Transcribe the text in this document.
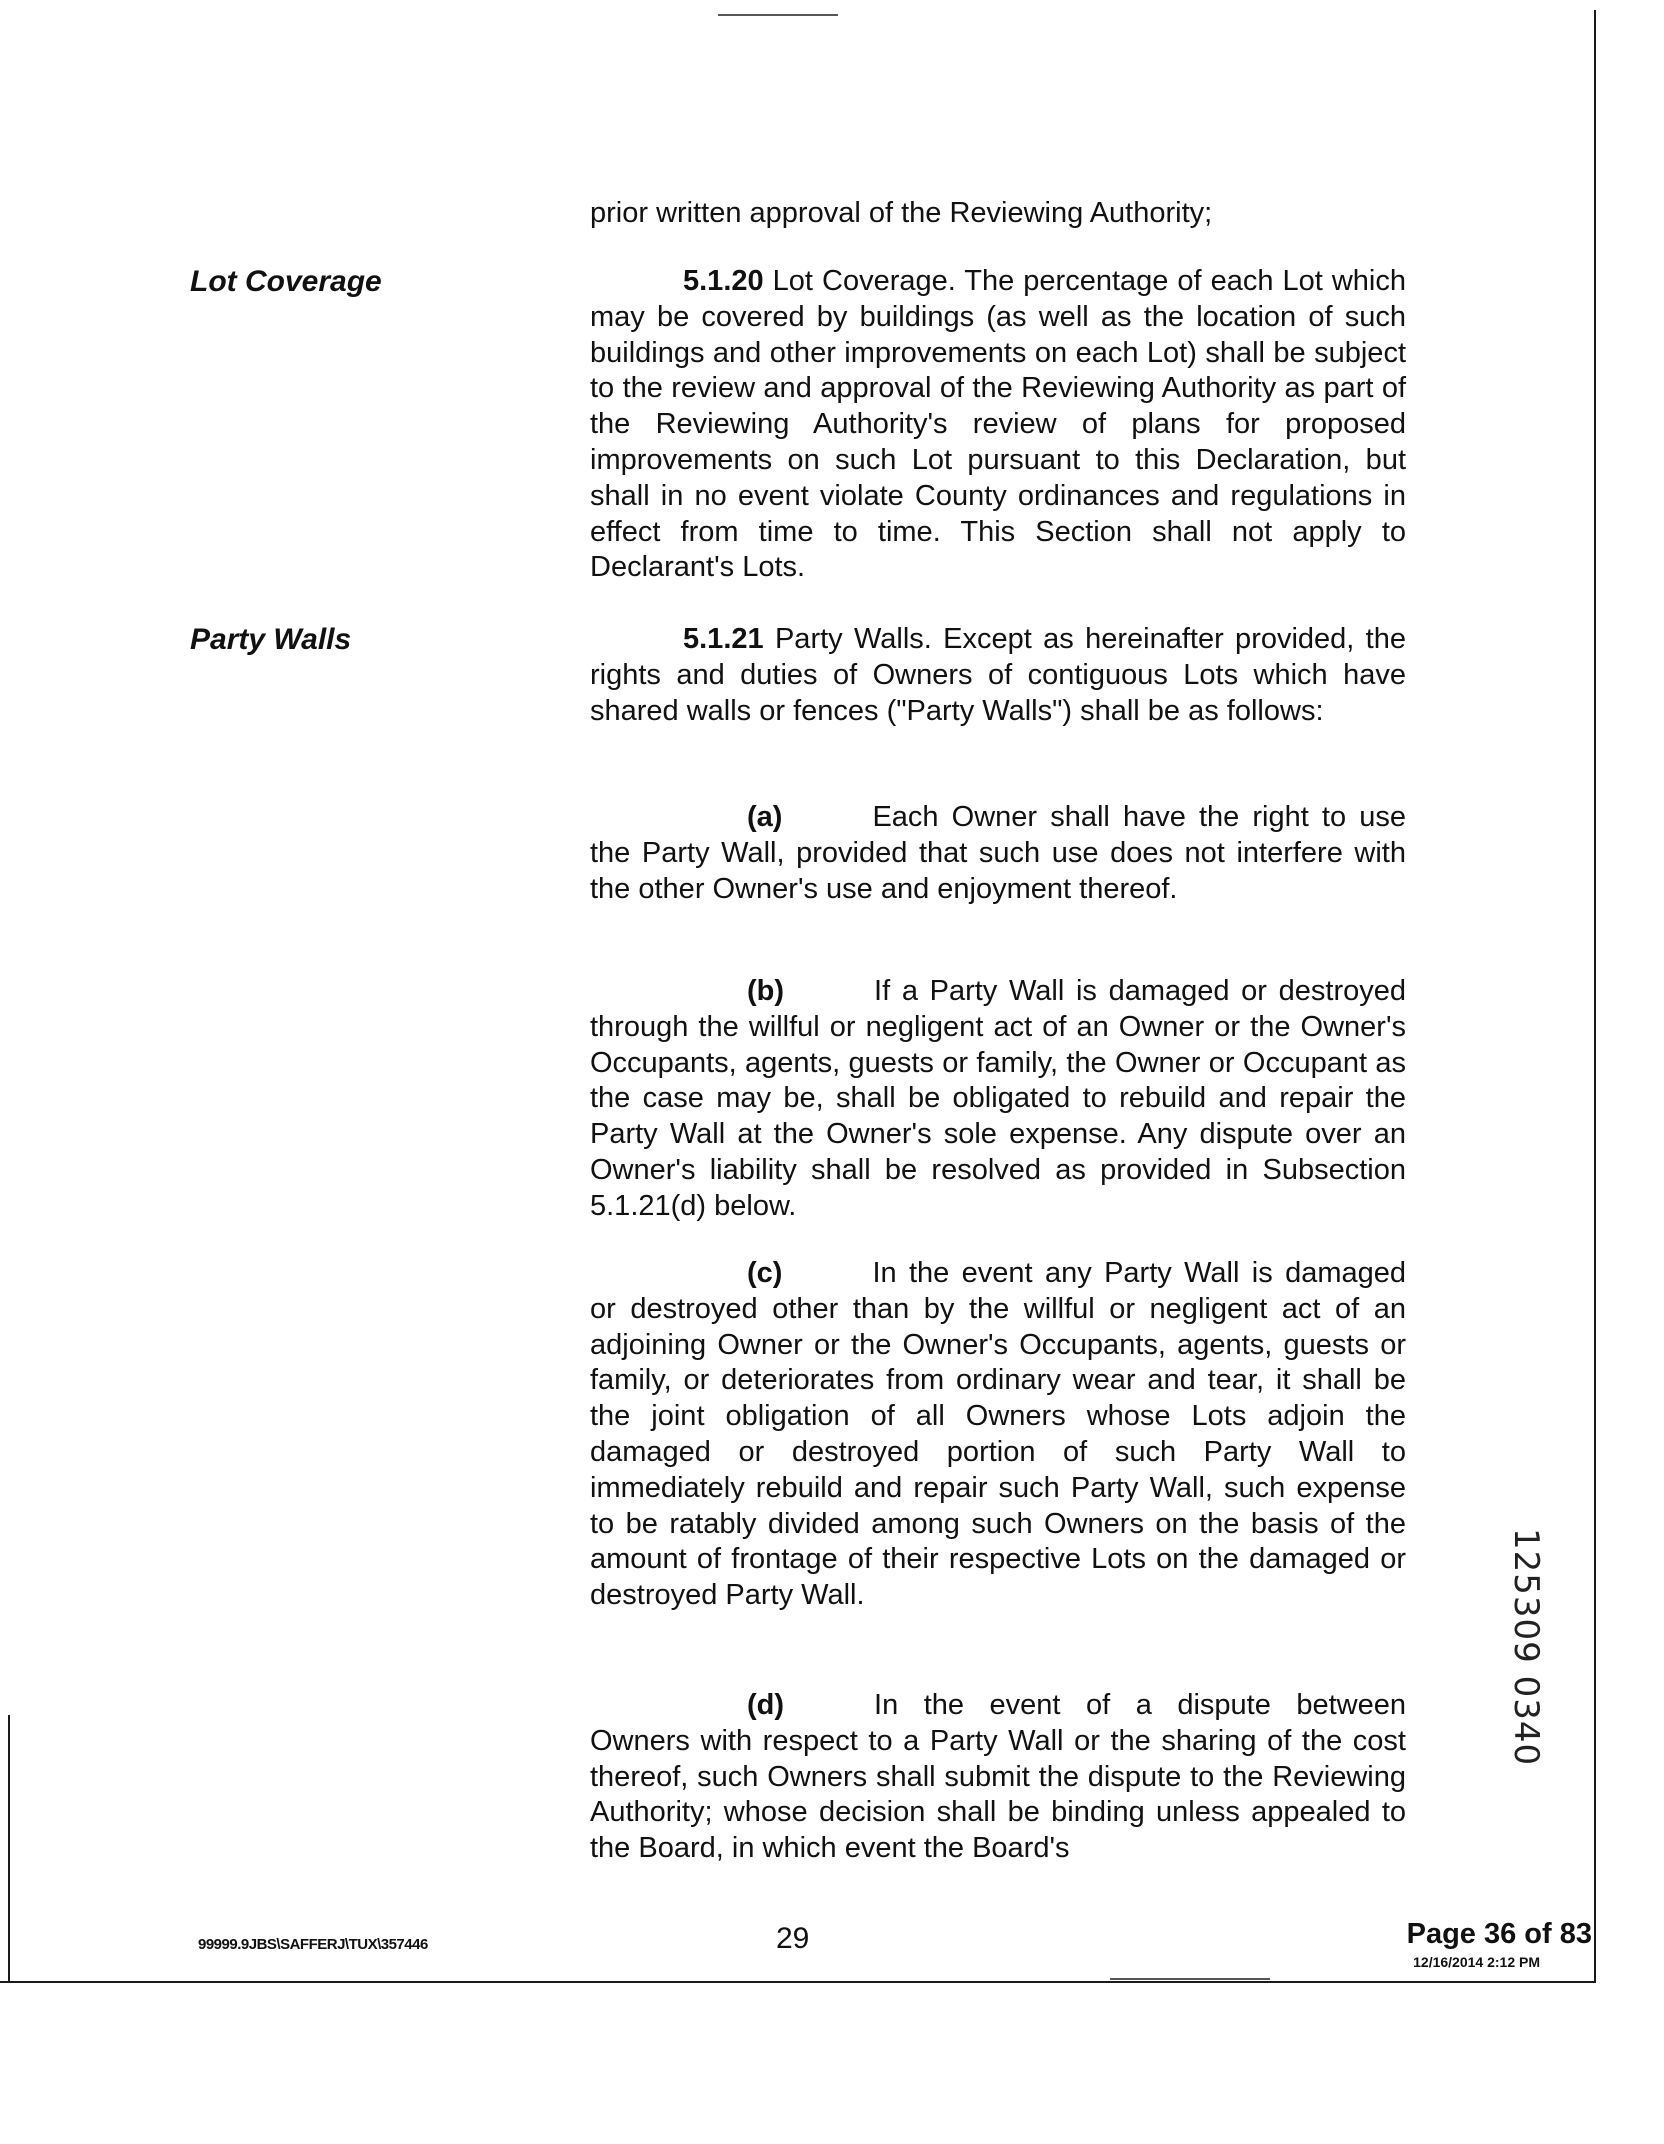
prior written approval of the Reviewing Authority;
Lot Coverage	5.1.20 Lot Coverage. The percentage of each Lot which may be covered by buildings (as well as the location of such buildings and other improvements on each Lot) shall be subject to the review and approval of the Reviewing Authority as part of the Reviewing Authority's review of plans for proposed improvements on such Lot pursuant to this Declaration, but shall in no event violate County ordinances and regulations in effect from time to time. This Section shall not apply to Declarant's Lots.
Party Walls	5.1.21 Party Walls. Except as hereinafter provided, the rights and duties of Owners of contiguous Lots which have shared walls or fences ("Party Walls") shall be as follows:
(a)	Each Owner shall have the right to use the Party Wall, provided that such use does not interfere with the other Owner's use and enjoyment thereof.
(b)	If a Party Wall is damaged or destroyed through the willful or negligent act of an Owner or the Owner's Occupants, agents, guests or family, the Owner or Occupant as the case may be, shall be obligated to rebuild and repair the Party Wall at the Owner's sole expense. Any dispute over an Owner's liability shall be resolved as provided in Subsection 5.1.21(d) below.
(c)	In the event any Party Wall is damaged or destroyed other than by the willful or negligent act of an adjoining Owner or the Owner's Occupants, agents, guests or family, or deteriorates from ordinary wear and tear, it shall be the joint obligation of all Owners whose Lots adjoin the damaged or destroyed portion of such Party Wall to immediately rebuild and repair such Party Wall, such expense to be ratably divided among such Owners on the basis of the amount of frontage of their respective Lots on the damaged or destroyed Party Wall.
(d)	In the event of a dispute between Owners with respect to a Party Wall or the sharing of the cost thereof, such Owners shall submit the dispute to the Reviewing Authority; whose decision shall be binding unless appealed to the Board, in which event the Board's
125309 0340
99999.9JBS\SAFFERJ\TUX\357446	29	Page 36 of 83
12/16/2014 2:12 PM
